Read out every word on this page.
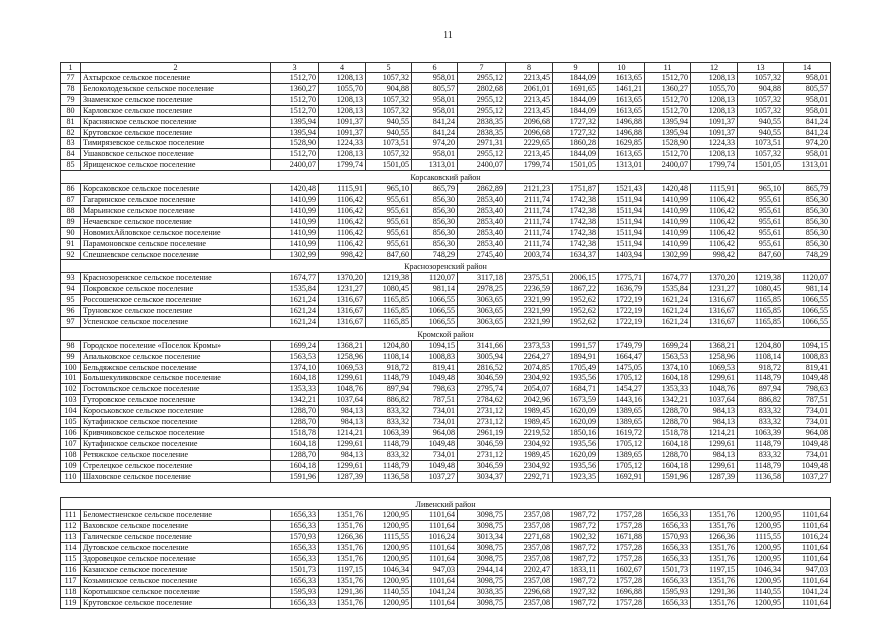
11
1	2	3	4	5	6	7	8	9	10	11	12	13	14
77	Ахтырское сельское поселение	1512,70	1208,13	1057,32	958,01	2955,12	2213,45	1844,09	1613,65	1512,70	1208,13	1057,32	958,01
78	Белоколодезьское сельское поселение	1360,27	1055,70	904,88	805,57	2802,68	2061,01	1691,65	1461,21	1360,27	1055,70	904,88	805,57
79	Знаменское сельское поселение	1512,70	1208,13	1057,32	958,01	2955,12	2213,45	1844,09	1613,65	1512,70	1208,13	1057,32	958,01
80	Карловское сельское поселение	1512,70	1208,13	1057,32	958,01	2955,12	2213,45	1844,09	1613,65	1512,70	1208,13	1057,32	958,01
81	Краснянское сельское поселение	1395,94	1091,37	940,55	841,24	2838,35	2096,68	1727,32	1496,88	1395,94	1091,37	940,55	841,24
82	Крутовское сельское поселение	1395,94	1091,37	940,55	841,24	2838,35	2096,68	1727,32	1496,88	1395,94	1091,37	940,55	841,24
83	Тимирязевское сельское поселение	1528,90	1224,33	1073,51	974,20	2971,31	2229,65	1860,28	1629,85	1528,90	1224,33	1073,51	974,20
84	Ушаковское сельское поселение	1512,70	1208,13	1057,32	958,01	2955,12	2213,45	1844,09	1613,65	1512,70	1208,13	1057,32	958,01
85	Ярищенское сельское поселение	2400,07	1799,74	1501,05	1313,01	2400,07	1799,74	1501,05	1313,01	2400,07	1799,74	1501,05	1313,01
Корсаковский район													
86	Корсаковское сельское поселение	1420,48	1115,91	965,10	865,79	2862,89	2121,23	1751,87	1521,43	1420,48	1115,91	965,10	865,79
87	Гагаринское сельское поселение	1410,99	1106,42	955,61	856,30	2853,40	2111,74	1742,38	1511,94	1410,99	1106,42	955,61	856,30
88	Марьинское сельское поселение	1410,99	1106,42	955,61	856,30	2853,40	2111,74	1742,38	1511,94	1410,99	1106,42	955,61	856,30
89	Нечаевское сельское поселение	1410,99	1106,42	955,61	856,30	2853,40	2111,74	1742,38	1511,94	1410,99	1106,42	955,61	856,30
90	НовомихАйловское сельское поселение	1410,99	1106,42	955,61	856,30	2853,40	2111,74	1742,38	1511,94	1410,99	1106,42	955,61	856,30
91	Парамоновское сельское поселение	1410,99	1106,42	955,61	856,30	2853,40	2111,74	1742,38	1511,94	1410,99	1106,42	955,61	856,30
92	Спешневское сельское поселение	1302,99	998,42	847,60	748,29	2745,40	2003,74	1634,37	1403,94	1302,99	998,42	847,60	748,29
Краснозоренский район													
93	Краснозоренское сельское поселение	1674,77	1370,20	1219,38	1120,07	3117,18	2375,51	2006,15	1775,71	1674,77	1370,20	1219,38	1120,07
94	Покровское сельское поселение	1535,84	1231,27	1080,45	981,14	2978,25	2236,59	1867,22	1636,79	1535,84	1231,27	1080,45	981,14
95	Россошенское сельское поселение	1621,24	1316,67	1165,85	1066,55	3063,65	2321,99	1952,62	1722,19	1621,24	1316,67	1165,85	1066,55
96	Труновское сельское поселение	1621,24	1316,67	1165,85	1066,55	3063,65	2321,99	1952,62	1722,19	1621,24	1316,67	1165,85	1066,55
97	Успенское сельское поселение	1621,24	1316,67	1165,85	1066,55	3063,65	2321,99	1952,62	1722,19	1621,24	1316,67	1165,85	1066,55
Кромской район													
98	Городское поселение «Поселок Кромы»	1699,24	1368,21	1204,80	1094,15	3141,66	2373,53	1991,57	1749,79	1699,24	1368,21	1204,80	1094,15
99	Апальковское сельское поселение	1563,53	1258,96	1108,14	1008,83	3005,94	2264,27	1894,91	1664,47	1563,53	1258,96	1108,14	1008,83
100	Бельдяжское сельское поселение	1374,10	1069,53	918,72	819,41	2816,52	2074,85	1705,49	1475,05	1374,10	1069,53	918,72	819,41
101	Большекуликовское сельское поселение	1604,18	1299,61	1148,79	1049,48	3046,59	2304,92	1935,56	1705,12	1604,18	1299,61	1148,79	1049,48
102	Гостомльское сельское поселение	1353,33	1048,76	897,94	798,63	2795,74	2054,07	1684,71	1454,27	1353,33	1048,76	897,94	798,63
103	Гуторовское сельское поселение	1342,21	1037,64	886,82	787,51	2784,62	2042,96	1673,59	1443,16	1342,21	1037,64	886,82	787,51
104	Короськовское сельское поселение	1288,70	984,13	833,32	734,01	2731,12	1989,45	1620,09	1389,65	1288,70	984,13	833,32	734,01
105	Кутафинское сельское поселение	1288,70	984,13	833,32	734,01	2731,12	1989,45	1620,09	1389,65	1288,70	984,13	833,32	734,01
106	Кривчиковское сельское поселение	1518,78	1214,21	1063,39	964,08	2961,19	2219,52	1850,16	1619,72	1518,78	1214,21	1063,39	964,08
107	Кутафинское сельское поселение	1604,18	1299,61	1148,79	1049,48	3046,59	2304,92	1935,56	1705,12	1604,18	1299,61	1148,79	1049,48
108	Ретяжское сельское поселение	1288,70	984,13	833,32	734,01	2731,12	1989,45	1620,09	1389,65	1288,70	984,13	833,32	734,01
109	Стрелецкое сельское поселение	1604,18	1299,61	1148,79	1049,48	3046,59	2304,92	1935,56	1705,12	1604,18	1299,61	1148,79	1049,48
110	Шаховское сельское поселение	1591,96	1287,39	1136,58	1037,27	3034,37	2292,71	1923,35	1692,91	1591,96	1287,39	1136,58	1037,27

Ливенский район													
111	Беломестненское сельское поселение	1656,33	1351,76	1200,95	1101,64	3098,75	2357,08	1987,72	1757,28	1656,33	1351,76	1200,95	1101,64
112	Ваховское сельское поселение	1656,33	1351,76	1200,95	1101,64	3098,75	2357,08	1987,72	1757,28	1656,33	1351,76	1200,95	1101,64
113	Галическое сельское поселение	1570,93	1266,36	1115,55	1016,24	3013,34	2271,68	1902,32	1671,88	1570,93	1266,36	1115,55	1016,24
114	Дутовское сельское поселение	1656,33	1351,76	1200,95	1101,64	3098,75	2357,08	1987,72	1757,28	1656,33	1351,76	1200,95	1101,64
115	Здоровецкое сельское поселение	1656,33	1351,76	1200,95	1101,64	3098,75	2357,08	1987,72	1757,28	1656,33	1351,76	1200,95	1101,64
116	Казанское сельское поселение	1501,73	1197,15	1046,34	947,03	2944,14	2202,47	1833,11	1602,67	1501,73	1197,15	1046,34	947,03
117	Козьминское сельское поселение	1656,33	1351,76	1200,95	1101,64	3098,75	2357,08	1987,72	1757,28	1656,33	1351,76	1200,95	1101,64
118	Коротышское сельское поселение	1595,93	1291,36	1140,55	1041,24	3038,35	2296,68	1927,32	1696,88	1595,93	1291,36	1140,55	1041,24
119	Крутовское сельское поселение	1656,33	1351,76	1200,95	1101,64	3098,75	2357,08	1987,72	1757,28	1656,33	1351,76	1200,95	1101,64
